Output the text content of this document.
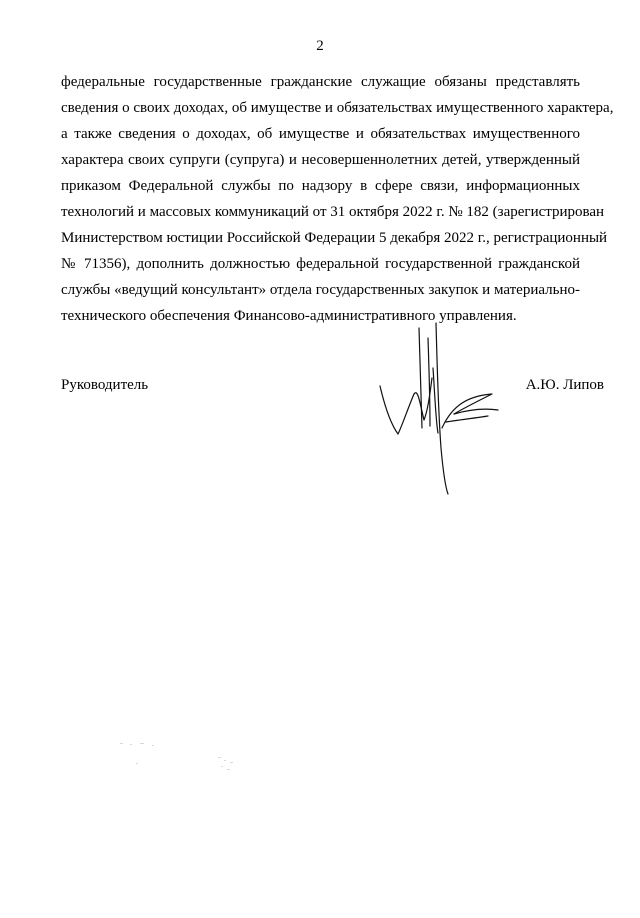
2
федеральные государственные гражданские служащие обязаны представлять
сведения о своих доходах, об имуществе и обязательствах имущественного характера,
а также сведения о доходах, об имуществе и обязательствах имущественного
характера своих супруги (супруга) и несовершеннолетних детей, утвержденный
приказом Федеральной службы по надзору в сфере связи, информационных
технологий и массовых коммуникаций от 31 октября 2022 г. № 182 (зарегистрирован
Министерством юстиции Российской Федерации 5 декабря 2022 г., регистрационный
№ 71356), дополнить должностью федеральной государственной гражданской
службы «ведущий консультант» отдела государственных закупок и материально-
технического обеспечения Финансово-административного управления.
Руководитель	А.Ю. Липов
